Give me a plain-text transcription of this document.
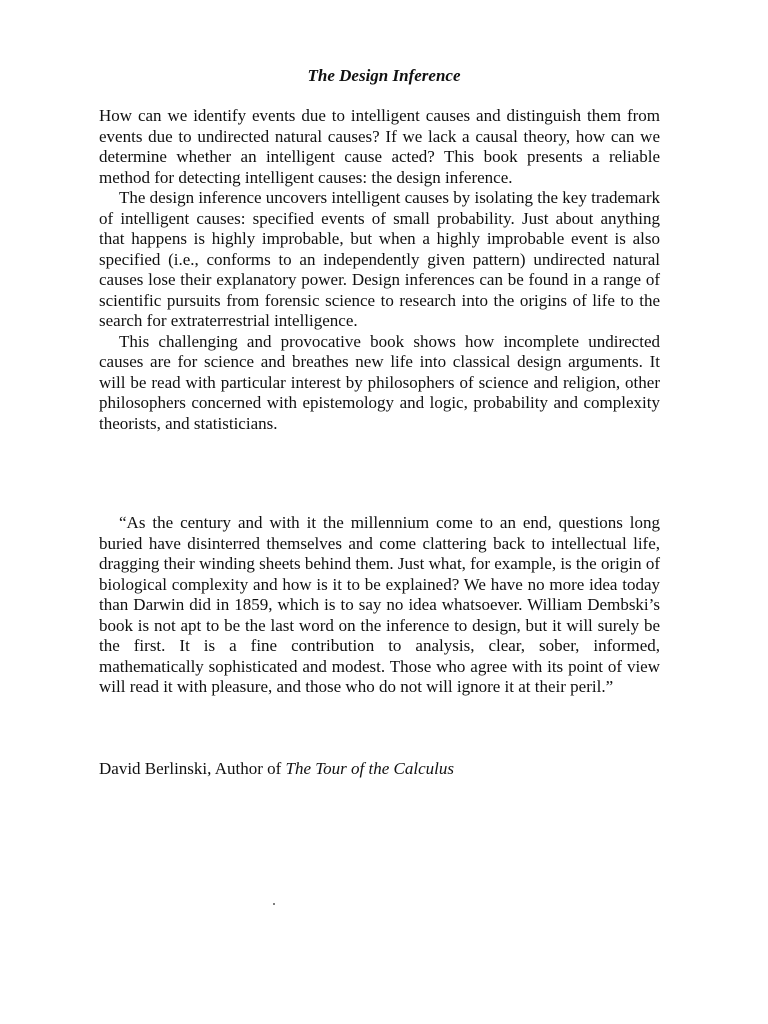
The Design Inference

How can we identify events due to intelligent causes and distinguish them from events due to undirected natural causes? If we lack a causal theory, how can we determine whether an intelligent cause acted? This book presents a reliable method for detecting intelligent causes: the design inference.

The design inference uncovers intelligent causes by isolating the key trademark of intelligent causes: specified events of small probability. Just about anything that happens is highly improbable, but when a highly improbable event is also specified (i.e., conforms to an independently given pattern) undirected natural causes lose their explanatory power. Design inferences can be found in a range of scientific pursuits from forensic science to research into the origins of life to the search for extraterrestrial intelligence.

This challenging and provocative book shows how incomplete undirected causes are for science and breathes new life into classical design arguments. It will be read with particular interest by philosophers of science and religion, other philosophers concerned with epistemology and logic, probability and complexity theorists, and statisticians.

“As the century and with it the millennium come to an end, questions long buried have disinterred themselves and come clattering back to intellectual life, dragging their winding sheets behind them. Just what, for example, is the origin of biological complexity and how is it to be explained? We have no more idea today than Darwin did in 1859, which is to say no idea whatsoever. William Dembski’s book is not apt to be the last word on the inference to design, but it will surely be the first. It is a fine contribution to analysis, clear, sober, informed, mathematically sophisticated and modest. Those who agree with its point of view will read it with pleasure, and those who do not will ignore it at their peril.”

David Berlinski, Author of The Tour of the Calculus
